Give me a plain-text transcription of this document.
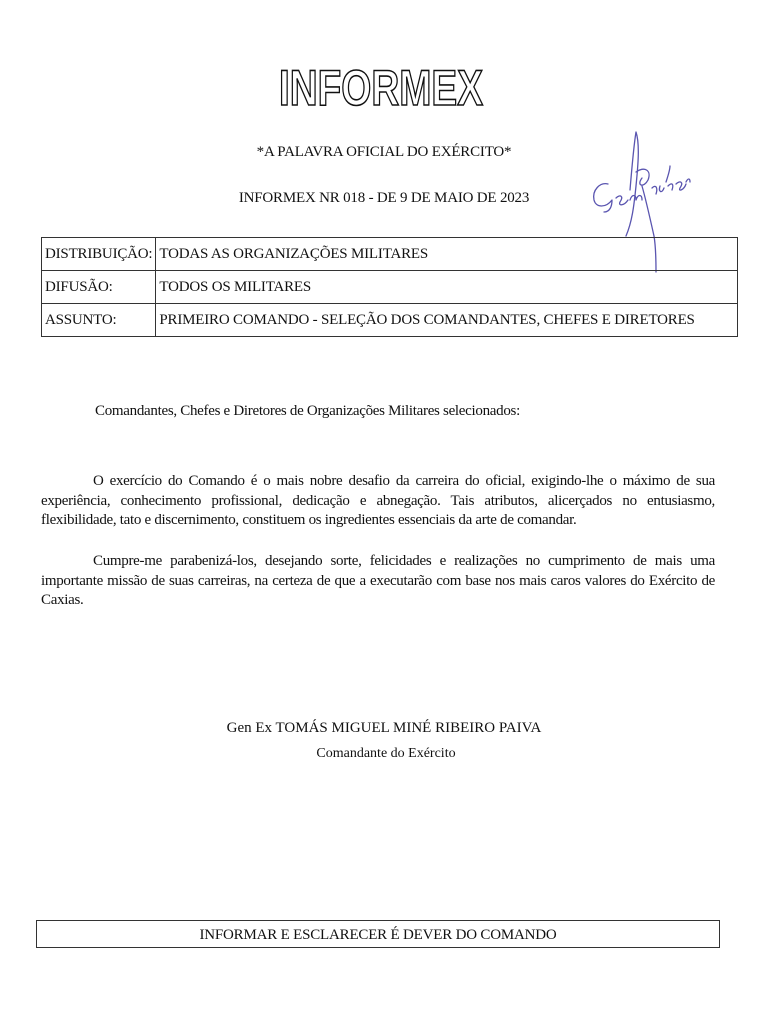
INFORMEX
*A PALAVRA OFICIAL DO EXÉRCITO*
INFORMEX NR 018 - DE 9 DE MAIO DE 2023
DISTRIBUIÇÃO:	TODAS AS ORGANIZAÇÕES MILITARES
DIFUSÃO:	TODOS OS MILITARES
ASSUNTO:	PRIMEIRO COMANDO - SELEÇÃO DOS COMANDANTES, CHEFES E DIRETORES
Comandantes, Chefes e Diretores de Organizações Militares selecionados:
O exercício do Comando é o mais nobre desafio da carreira do oficial, exigindo-lhe o máximo de sua experiência, conhecimento profissional, dedicação e abnegação. Tais atributos, alicerçados no entusiasmo, flexibilidade, tato e discernimento, constituem os ingredientes essenciais da arte de comandar.
Cumpre-me parabenizá-los, desejando sorte, felicidades e realizações no cumprimento de mais uma importante missão de suas carreiras, na certeza de que a executarão com base nos mais caros valores do Exército de Caxias.
Gen Ex TOMÁS MIGUEL MINÉ RIBEIRO PAIVA
Comandante do Exército
INFORMAR E ESCLARECER É DEVER DO COMANDO
